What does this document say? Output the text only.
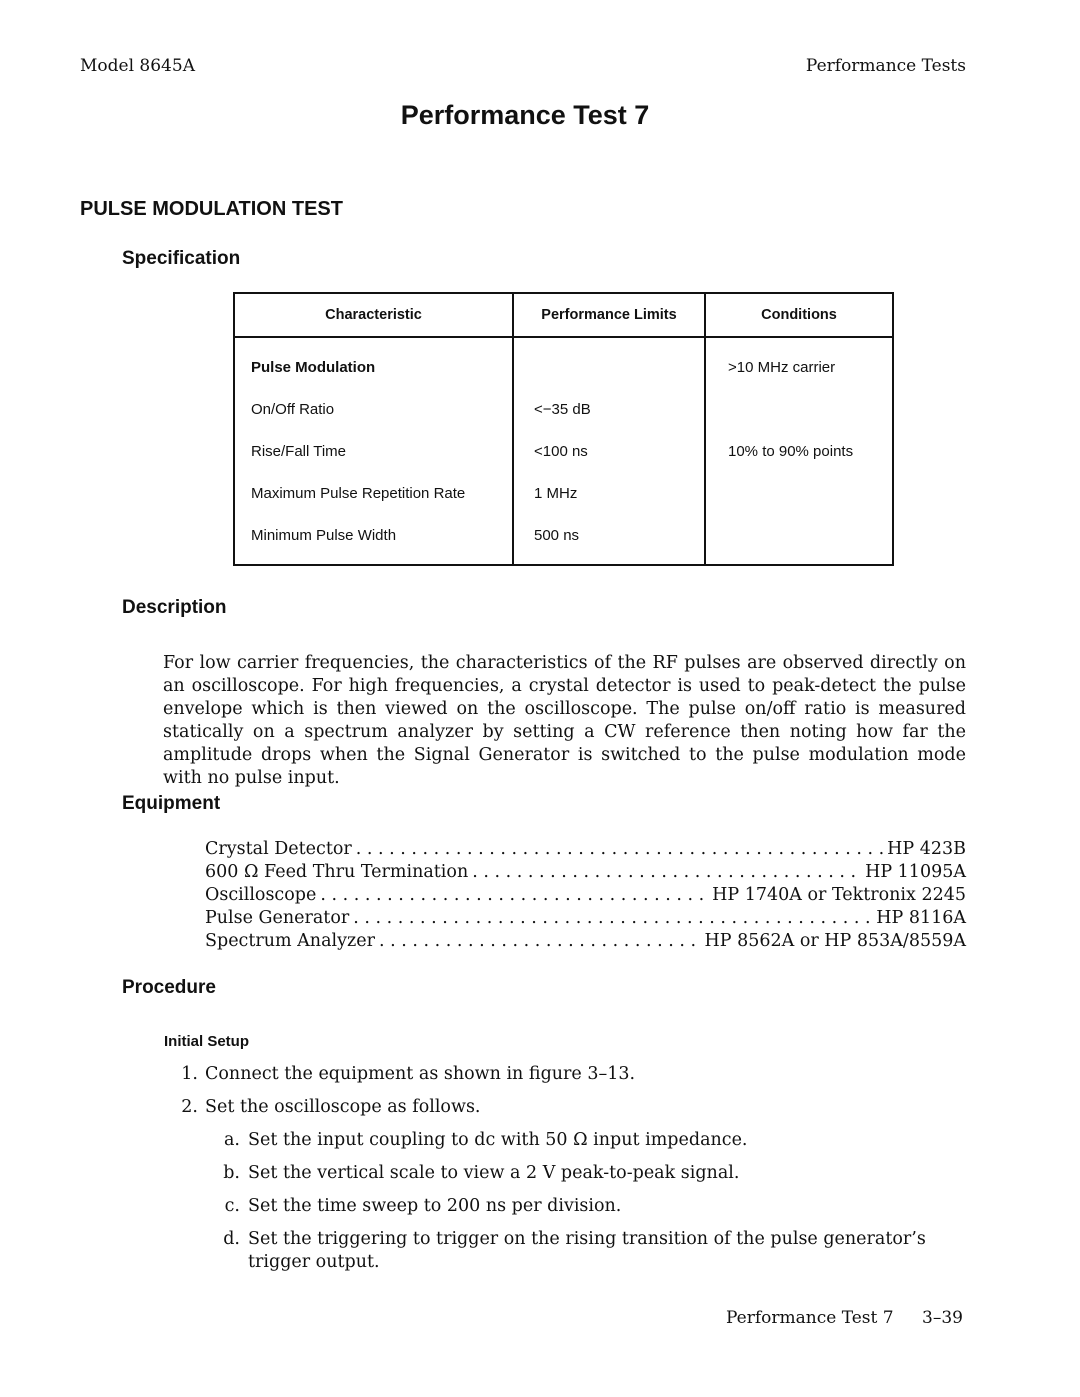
Model 8645A	Performance Tests
Performance Test 7
PULSE MODULATION TEST
Specification
Characteristic	Performance Limits	Conditions
Pulse Modulation		>10 MHz carrier
On/Off Ratio	<−35 dB	
Rise/Fall Time	<100 ns	10% to 90% points
Maximum Pulse Repetition Rate	1 MHz	
Minimum Pulse Width	500 ns	
Description
For low carrier frequencies, the characteristics of the RF pulses are observed directly on an oscilloscope. For high frequencies, a crystal detector is used to peak-detect the pulse envelope which is then viewed on the oscilloscope. The pulse on/off ratio is measured statically on a spectrum analyzer by setting a CW reference then noting how far the amplitude drops when the Signal Generator is switched to the pulse modulation mode with no pulse input.
Equipment
Crystal Detector . . .	HP 423B
600 Ω Feed Thru Termination . . .	HP 11095A
Oscilloscope . . .	HP 1740A or Tektronix 2245
Pulse Generator . . .	HP 8116A
Spectrum Analyzer . . .	HP 8562A or HP 853A/8559A
Procedure
Initial Setup
1. Connect the equipment as shown in figure 3–13.
2. Set the oscilloscope as follows.
a. Set the input coupling to dc with 50 Ω input impedance.
b. Set the vertical scale to view a 2 V peak-to-peak signal.
c. Set the time sweep to 200 ns per division.
d. Set the triggering to trigger on the rising transition of the pulse generator’s trigger output.
Performance Test 7 3–39
